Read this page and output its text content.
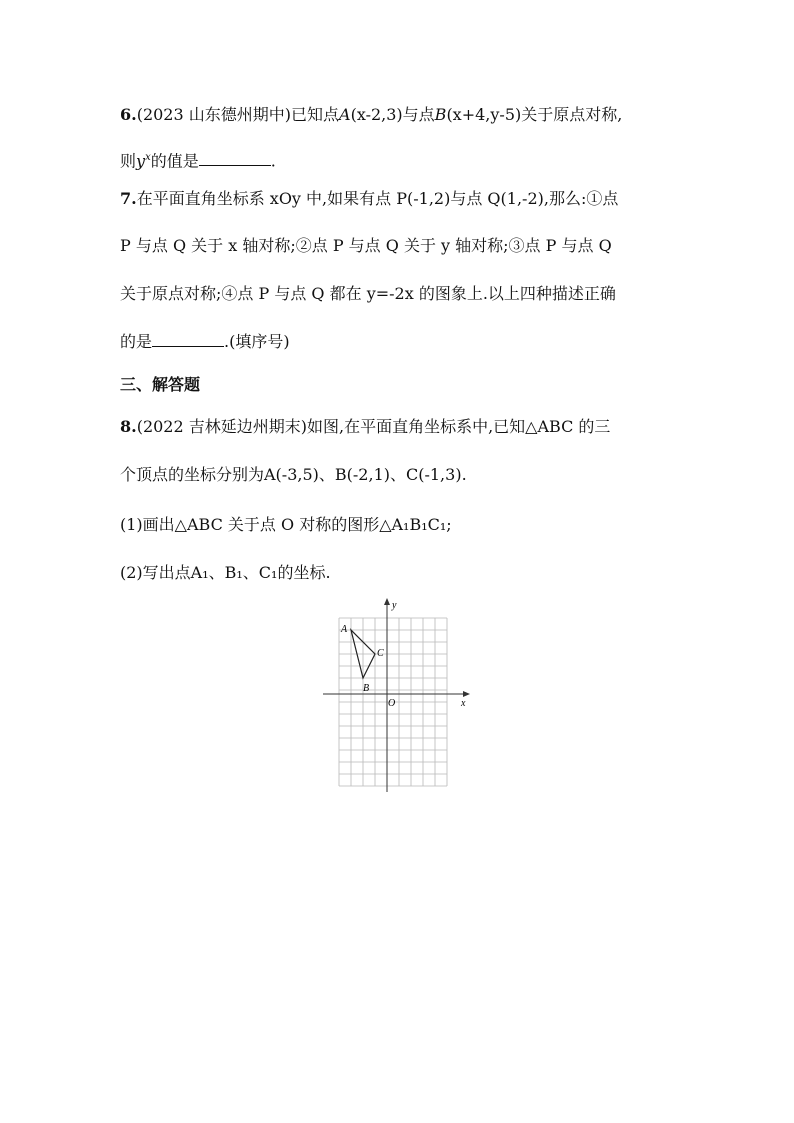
6.(2023 山东德州期中)已知点A(x-2,3)与点B(x+4,y-5)关于原点对称,
则$y^x$的值是	.
7.在平面直角坐标系 xOy 中,如果有点 P(-1,2)与点 Q(1,-2),那么:①点
P 与点 Q 关于 x 轴对称;②点 P 与点 Q 关于 y 轴对称;③点 P 与点 Q
关于原点对称;④点 P 与点 Q 都在 y=-2x 的图象上.以上四种描述正确
的是	.(填序号)
三、解答题
8.(2022 吉林延边州期末)如图,在平面直角坐标系中,已知△ABC 的三
个顶点的坐标分别为A(-3,5)、B(-2,1)、C(-1,3).
(1)画出△ABC 关于点 O 对称的图形△A₁B₁C₁;
(2)写出点A₁、B₁、C₁的坐标.
x
y
O
A
B
C
